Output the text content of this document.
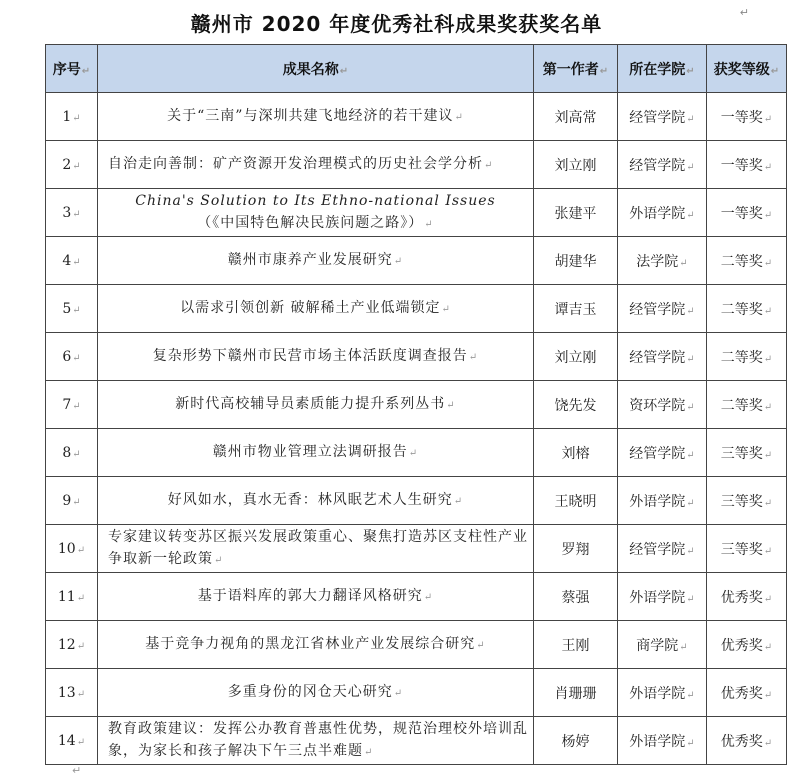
赣州市 2020 年度优秀社科成果奖获奖名单	↵
序号↵	成果名称↵	第一作者↵	所在学院↵	获奖等级↵
1↵	关于“三南”与深圳共建飞地经济的若干建议↵	刘高常	经管学院↵	一等奖↵
2↵	自治走向善制：矿产资源开发治理模式的历史社会学分析↵	刘立刚	经管学院↵	一等奖↵
3↵	China's Solution to Its Ethno-national Issues
（《中国特色解决民族问题之路》）↵	张建平	外语学院↵	一等奖↵
4↵	赣州市康养产业发展研究↵	胡建华	法学院↵	二等奖↵
5↵	以需求引领创新 破解稀土产业低端锁定↵	谭吉玉	经管学院↵	二等奖↵
6↵	复杂形势下赣州市民营市场主体活跃度调查报告↵	刘立刚	经管学院↵	二等奖↵
7↵	新时代高校辅导员素质能力提升系列丛书↵	饶先发	资环学院↵	二等奖↵
8↵	赣州市物业管理立法调研报告↵	刘榕	经管学院↵	三等奖↵
9↵	好风如水，真水无香：林风眠艺术人生研究↵	王晓明	外语学院↵	三等奖↵
10↵	专家建议转变苏区振兴发展政策重心、聚焦打造苏区支柱性产业争取新一轮政策↵	罗翔	经管学院↵	三等奖↵
11↵	基于语料库的郭大力翻译风格研究↵	蔡强	外语学院↵	优秀奖↵
12↵	基于竞争力视角的黑龙江省林业产业发展综合研究↵	王刚	商学院↵	优秀奖↵
13↵	多重身份的冈仓天心研究↵	肖珊珊	外语学院↵	优秀奖↵
14↵	教育政策建议：发挥公办教育普惠性优势，规范治理校外培训乱象，为家长和孩子解决下午三点半难题↵	杨婷	外语学院↵	优秀奖↵
↵
